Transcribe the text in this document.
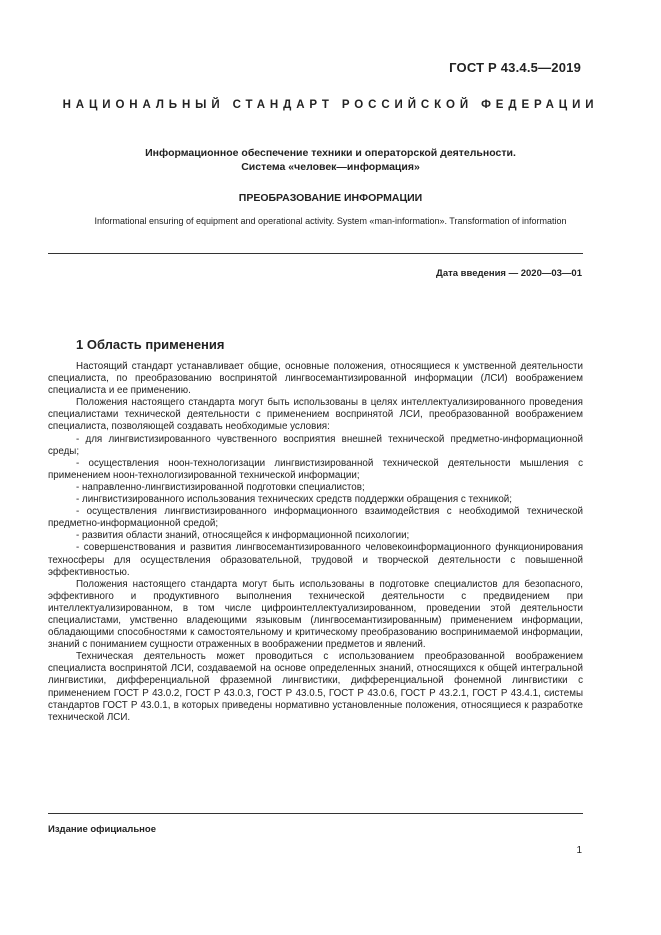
ГОСТ Р 43.4.5—2019
НАЦИОНАЛЬНЫЙ СТАНДАРТ РОССИЙСКОЙ ФЕДЕРАЦИИ

Информационное обеспечение техники и операторской деятельности.

Система «человек—информация»

ПРЕОБРАЗОВАНИЕ ИНФОРМАЦИИ

Informational ensuring of equipment and operational activity. System «man-information». Transformation of information

Дата введения — 2020—03—01
1 Область применения

Настоящий стандарт устанавливает общие, основные положения, относящиеся к умственной деятельности специалиста, по преобразованию воспринятой лингвосемантизированной информации (ЛСИ) воображением специалиста и ее применению.

Положения настоящего стандарта могут быть использованы в целях интеллектуализированного проведения специалистами технической деятельности с применением воспринятой ЛСИ, преобразованной воображением специалиста, позволяющей создавать необходимые условия:

- для лингвистизированного чувственного восприятия внешней технической предметно-информационной среды;

- осуществления ноон-технологизации лингвистизированной технической деятельности мышления с применением ноон-технологизированной технической информации;

- направленно-лингвистизированной подготовки специалистов;

- лингвистизированного использования технических средств поддержки обращения с техникой;

- осуществления лингвистизированного информационного взаимодействия с необходимой технической предметно-информационной средой;

- развития области знаний, относящейся к информационной психологии;

- совершенствования и развития лингвосемантизированного человекоинформационного функционирования техносферы для осуществления образовательной, трудовой и творческой деятельности с повышенной эффективностью.

Положения настоящего стандарта могут быть использованы в подготовке специалистов для безопасного, эффективного и продуктивного выполнения технической деятельности с предвидением при интеллектуализированном, в том числе цифроинтеллектуализированном, проведении этой деятельности специалистами, умственно владеющими языковым (лингвосемантизированным) применением информации, обладающими способностями к самостоятельному и критическому преобразованию воспринимаемой информации, знаний с пониманием сущности отраженных в воображении предметов и явлений.

Техническая деятельность может проводиться с использованием преобразованной воображением специалиста воспринятой ЛСИ, создаваемой на основе определенных знаний, относящихся к общей интегральной лингвистики, дифференциальной фраземной лингвистики, дифференциальной фонемной лингвистики с применением ГОСТ Р 43.0.2, ГОСТ Р 43.0.3, ГОСТ Р 43.0.5, ГОСТ Р 43.0.6, ГОСТ Р 43.2.1, ГОСТ Р 43.4.1, системы стандартов ГОСТ Р 43.0.1, в которых приведены нормативно установленные положения, относящиеся к разработке технической ЛСИ.

Издание официальное
1
